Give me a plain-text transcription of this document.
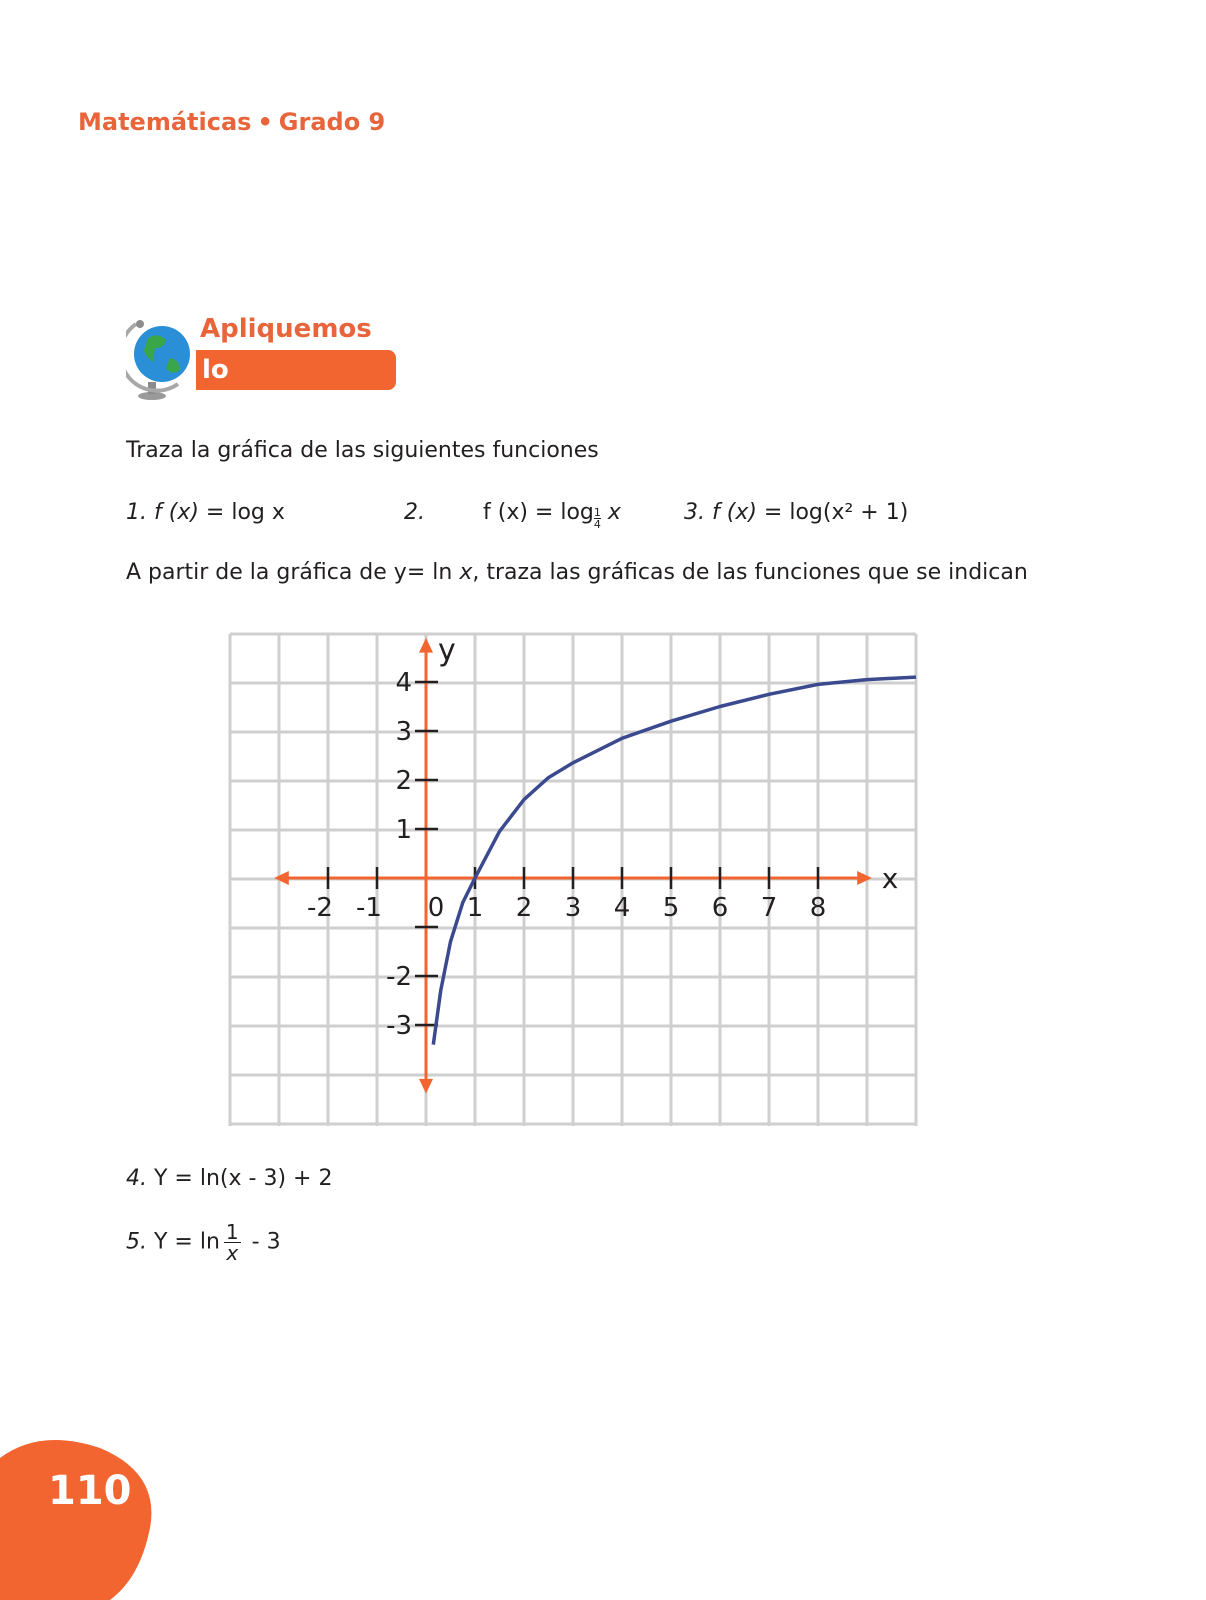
Matemáticas • Grado 9
Apliquemos
lo aprendido
Traza la gráfica de las siguientes funciones
1. f (x) = log x	2.	f $(x) = \log \frac{1}{4}$ x	3. f (x) = log(x² + 1)
A partir de la gráfica de y= ln x, traza las gráficas de las funciones que se indican
-2 -1 0 1 2 3 4 5 6 7 8
4
3
2
1
-2
-3
x
y
4. Y = ln(x - 3) + 2
5. $Y = \ln \frac{1}{x} - 3$
110
